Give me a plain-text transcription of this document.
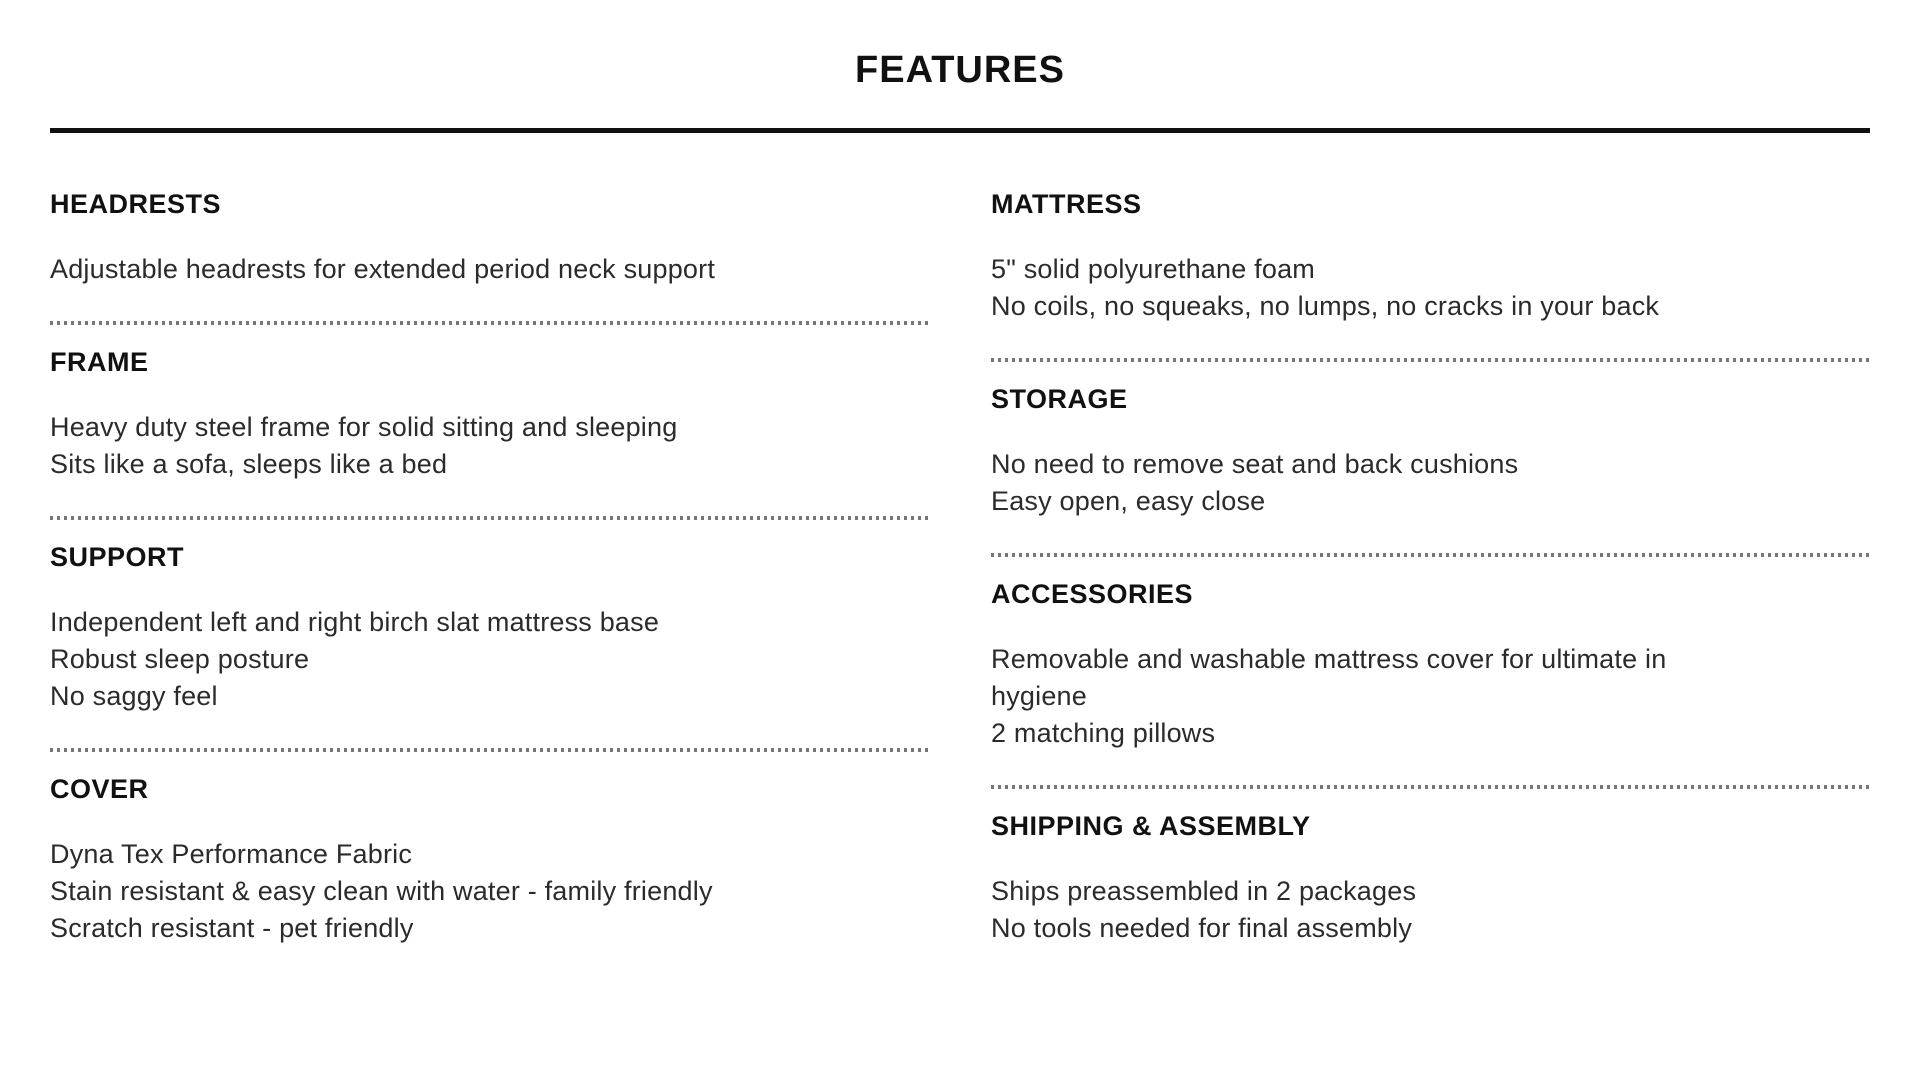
FEATURES
HEADRESTS

Adjustable headrests for extended period neck support

FRAME

Heavy duty steel frame for solid sitting and sleeping

Sits like a sofa, sleeps like a bed

SUPPORT

Independent left and right birch slat mattress base

Robust sleep posture

No saggy feel

COVER

Dyna Tex Performance Fabric

Stain resistant & easy clean with water - family friendly

Scratch resistant - pet friendly

MATTRESS

5" solid polyurethane foam

No coils, no squeaks, no lumps, no cracks in your back

STORAGE

No need to remove seat and back cushions

Easy open, easy close

ACCESSORIES

Removable and washable mattress cover for ultimate in

hygiene

2 matching pillows

SHIPPING & ASSEMBLY

Ships preassembled in 2 packages

No tools needed for final assembly
